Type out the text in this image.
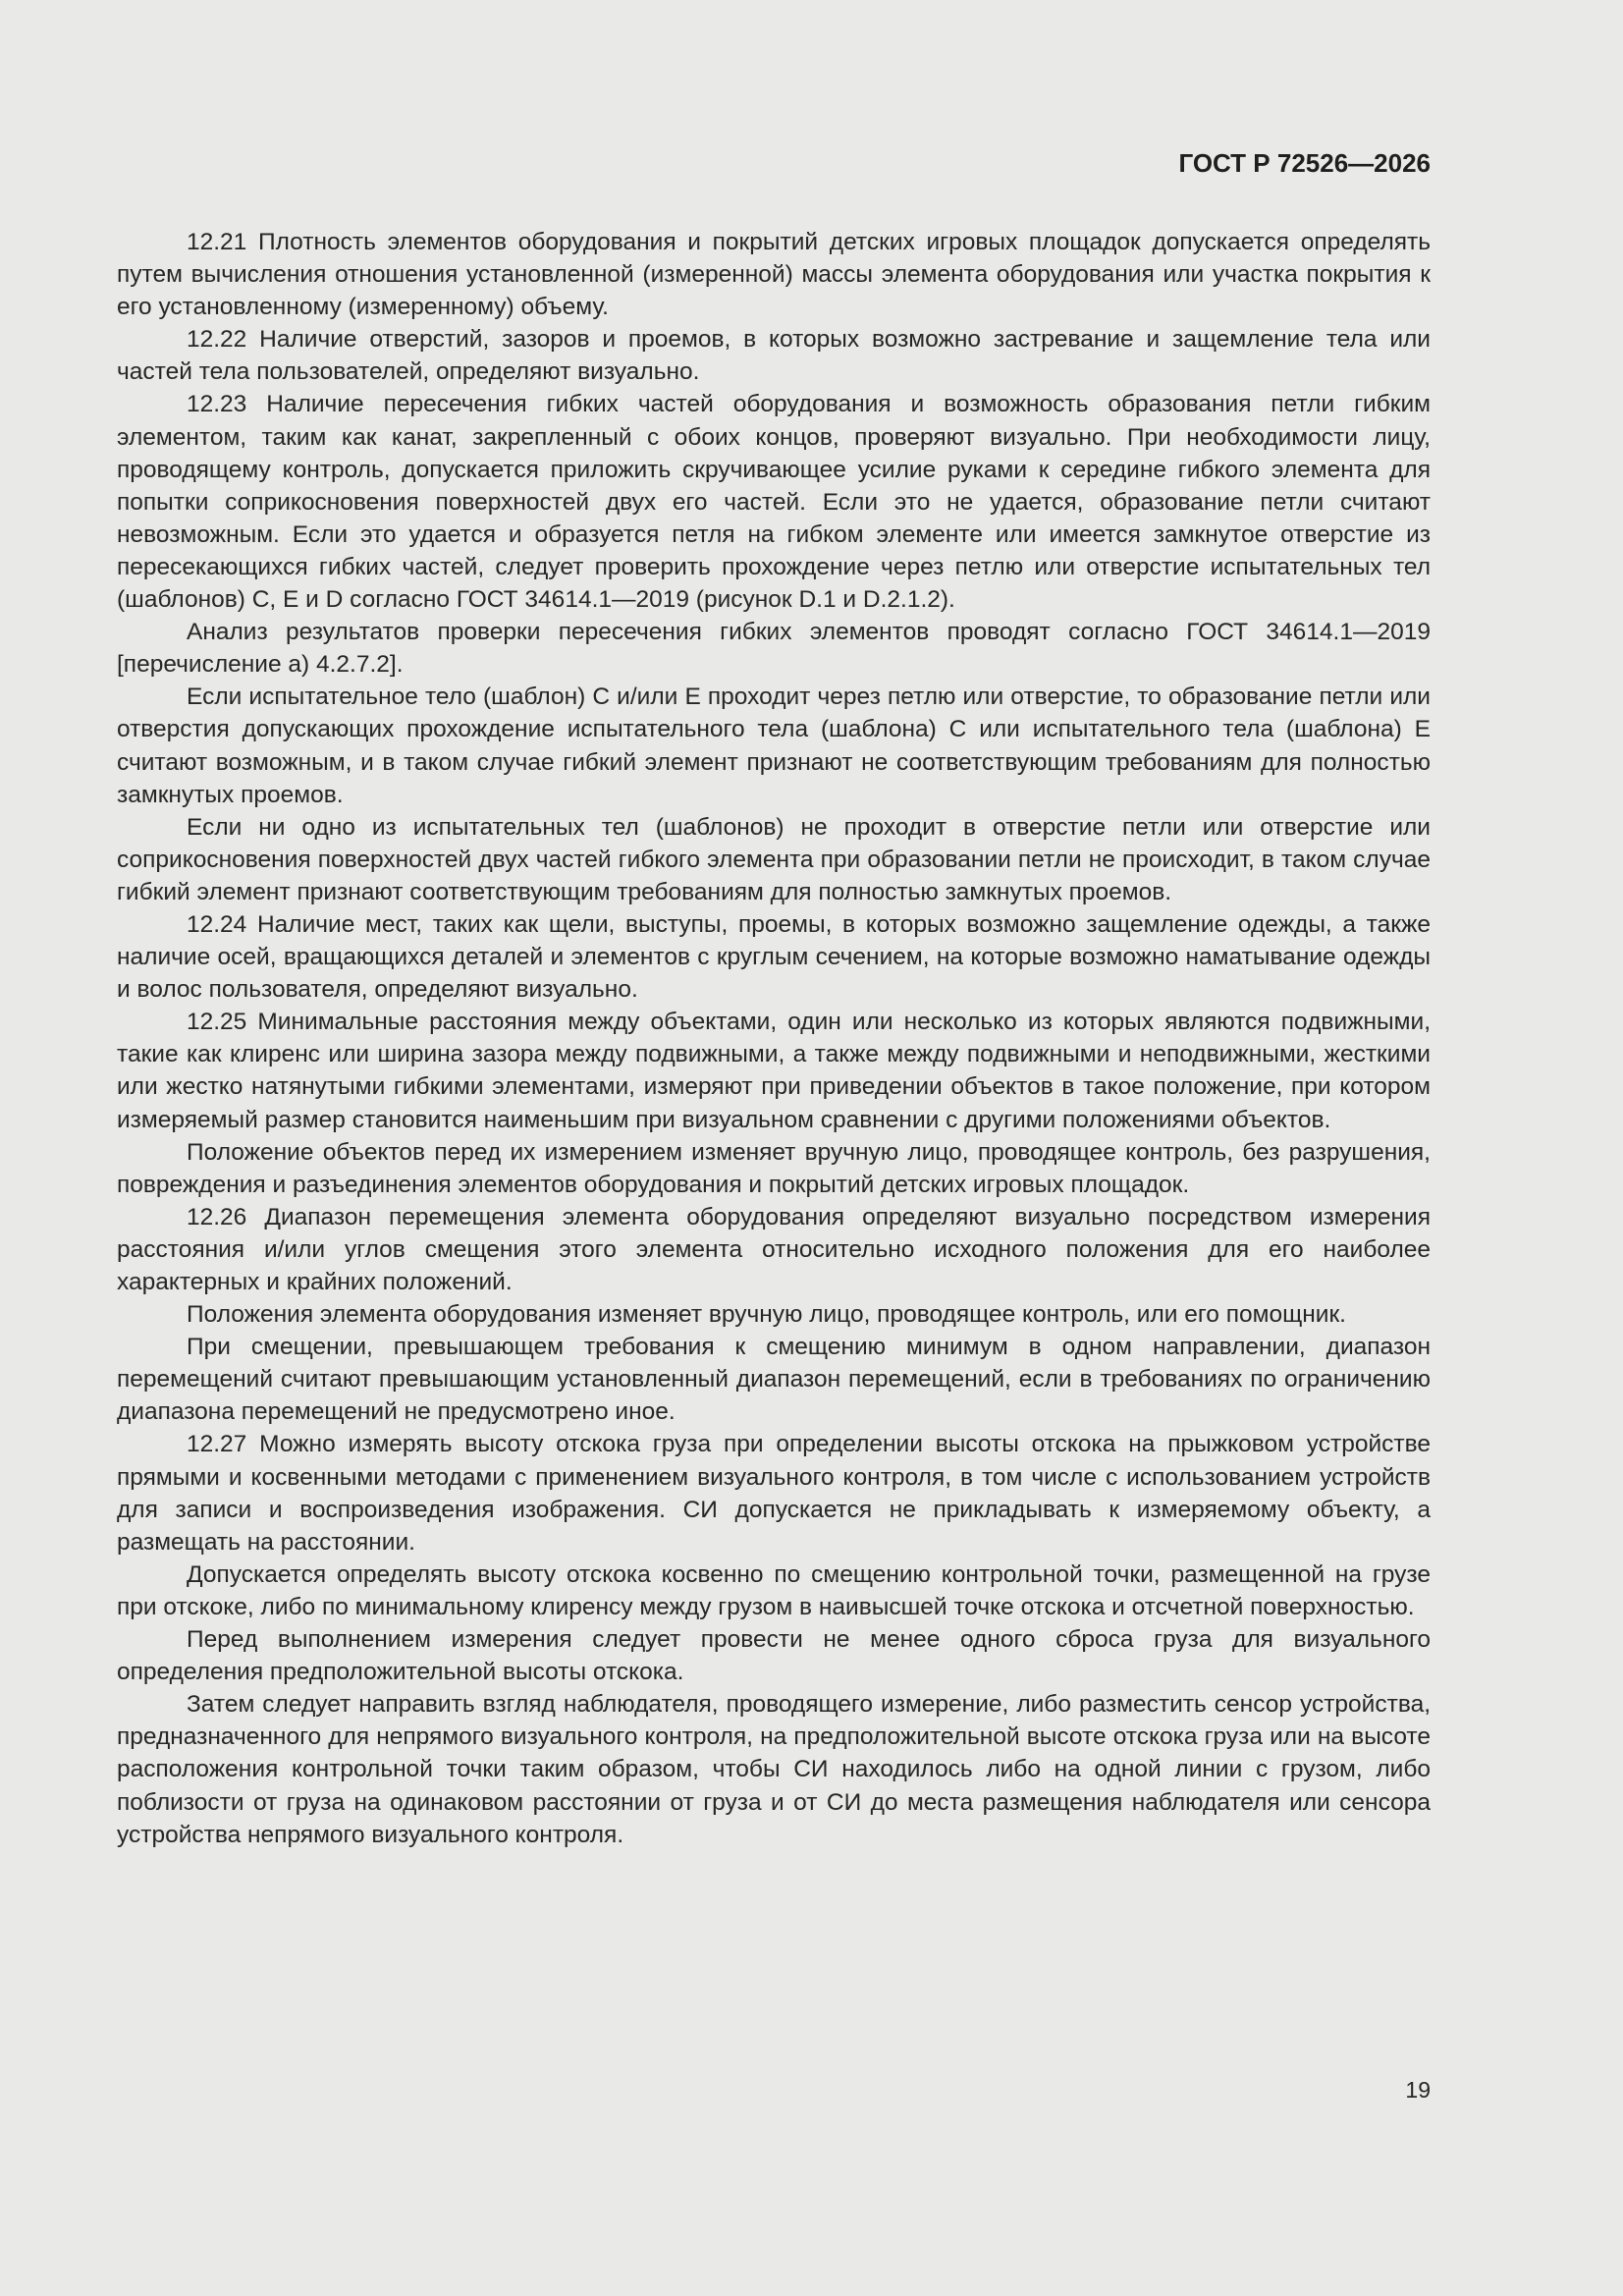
ГОСТ Р 72526—2026

12.21 Плотность элементов оборудования и покрытий детских игровых площадок допускается определять путем вычисления отношения установленной (измеренной) массы элемента оборудования или участка покрытия к его установленному (измеренному) объему.

12.22 Наличие отверстий, зазоров и проемов, в которых возможно застревание и защемление тела или частей тела пользователей, определяют визуально.

12.23 Наличие пересечения гибких частей оборудования и возможность образования петли гибким элементом, таким как канат, закрепленный с обоих концов, проверяют визуально. При необходимости лицу, проводящему контроль, допускается приложить скручивающее усилие руками к середине гибкого элемента для попытки соприкосновения поверхностей двух его частей. Если это не удается, образование петли считают невозможным. Если это удается и образуется петля на гибком элементе или имеется замкнутое отверстие из пересекающихся гибких частей, следует проверить прохождение через петлю или отверстие испытательных тел (шаблонов) С, Е и D согласно ГОСТ 34614.1—2019 (рисунок D.1 и D.2.1.2).

Анализ результатов проверки пересечения гибких элементов проводят согласно ГОСТ 34614.1—2019 [перечисление a) 4.2.7.2].

Если испытательное тело (шаблон) С и/или Е проходит через петлю или отверстие, то образование петли или отверстия допускающих прохождение испытательного тела (шаблона) С или испытательного тела (шаблона) Е считают возможным, и в таком случае гибкий элемент признают не соответствующим требованиям для полностью замкнутых проемов.

Если ни одно из испытательных тел (шаблонов) не проходит в отверстие петли или отверстие или соприкосновения поверхностей двух частей гибкого элемента при образовании петли не происходит, в таком случае гибкий элемент признают соответствующим требованиям для полностью замкнутых проемов.

12.24 Наличие мест, таких как щели, выступы, проемы, в которых возможно защемление одежды, а также наличие осей, вращающихся деталей и элементов с круглым сечением, на которые возможно наматывание одежды и волос пользователя, определяют визуально.

12.25 Минимальные расстояния между объектами, один или несколько из которых являются подвижными, такие как клиренс или ширина зазора между подвижными, а также между подвижными и неподвижными, жесткими или жестко натянутыми гибкими элементами, измеряют при приведении объектов в такое положение, при котором измеряемый размер становится наименьшим при визуальном сравнении с другими положениями объектов.

Положение объектов перед их измерением изменяет вручную лицо, проводящее контроль, без разрушения, повреждения и разъединения элементов оборудования и покрытий детских игровых площадок.

12.26 Диапазон перемещения элемента оборудования определяют визуально посредством измерения расстояния и/или углов смещения этого элемента относительно исходного положения для его наиболее характерных и крайних положений.

Положения элемента оборудования изменяет вручную лицо, проводящее контроль, или его помощник.

При смещении, превышающем требования к смещению минимум в одном направлении, диапазон перемещений считают превышающим установленный диапазон перемещений, если в требованиях по ограничению диапазона перемещений не предусмотрено иное.

12.27 Можно измерять высоту отскока груза при определении высоты отскока на прыжковом устройстве прямыми и косвенными методами с применением визуального контроля, в том числе с использованием устройств для записи и воспроизведения изображения. СИ допускается не прикладывать к измеряемому объекту, а размещать на расстоянии.

Допускается определять высоту отскока косвенно по смещению контрольной точки, размещенной на грузе при отскоке, либо по минимальному клиренсу между грузом в наивысшей точке отскока и отсчетной поверхностью.

Перед выполнением измерения следует провести не менее одного сброса груза для визуального определения предположительной высоты отскока.

Затем следует направить взгляд наблюдателя, проводящего измерение, либо разместить сенсор устройства, предназначенного для непрямого визуального контроля, на предположительной высоте отскока груза или на высоте расположения контрольной точки таким образом, чтобы СИ находилось либо на одной линии с грузом, либо поблизости от груза на одинаковом расстоянии от груза и от СИ до места размещения наблюдателя или сенсора устройства непрямого визуального контроля.

19
